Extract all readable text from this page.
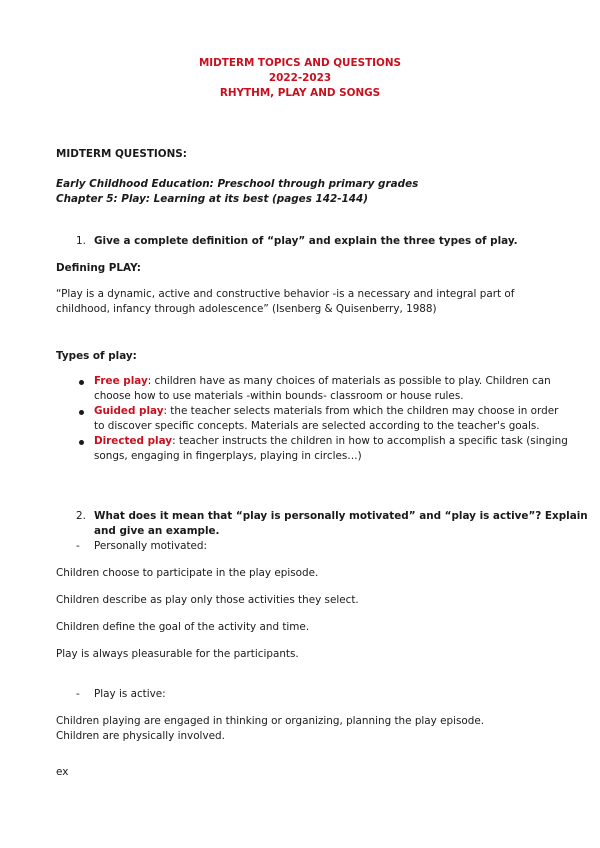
MIDTERM TOPICS AND QUESTIONS
2022-2023
RHYTHM, PLAY AND SONGS
MIDTERM QUESTIONS:
Early Childhood Education: Preschool through primary grades
Chapter 5: Play: Learning at its best (pages 142-144)
1. Give a complete definition of “play” and explain the three types of play.
Defining PLAY:
“Play is a dynamic, active and constructive behavior -is a necessary and integral part of
childhood, infancy through adolescence” (Isenberg & Quisenberry, 1988)
Types of play:
Free play: children have as many choices of materials as possible to play. Children can
choose how to use materials -within bounds- classroom or house rules.
Guided play: the teacher selects materials from which the children may choose in order
to discover specific concepts. Materials are selected according to the teacher's goals.
Directed play: teacher instructs the children in how to accomplish a specific task (singing
songs, engaging in fingerplays, playing in circles…)
2. What does it mean that “play is personally motivated” and “play is active”? Explain
and give an example.
- Personally motivated:
Children choose to participate in the play episode.
Children describe as play only those activities they select.
Children define the goal of the activity and time.
Play is always pleasurable for the participants.
- Play is active:
Children playing are engaged in thinking or organizing, planning the play episode.
Children are physically involved.
ex
